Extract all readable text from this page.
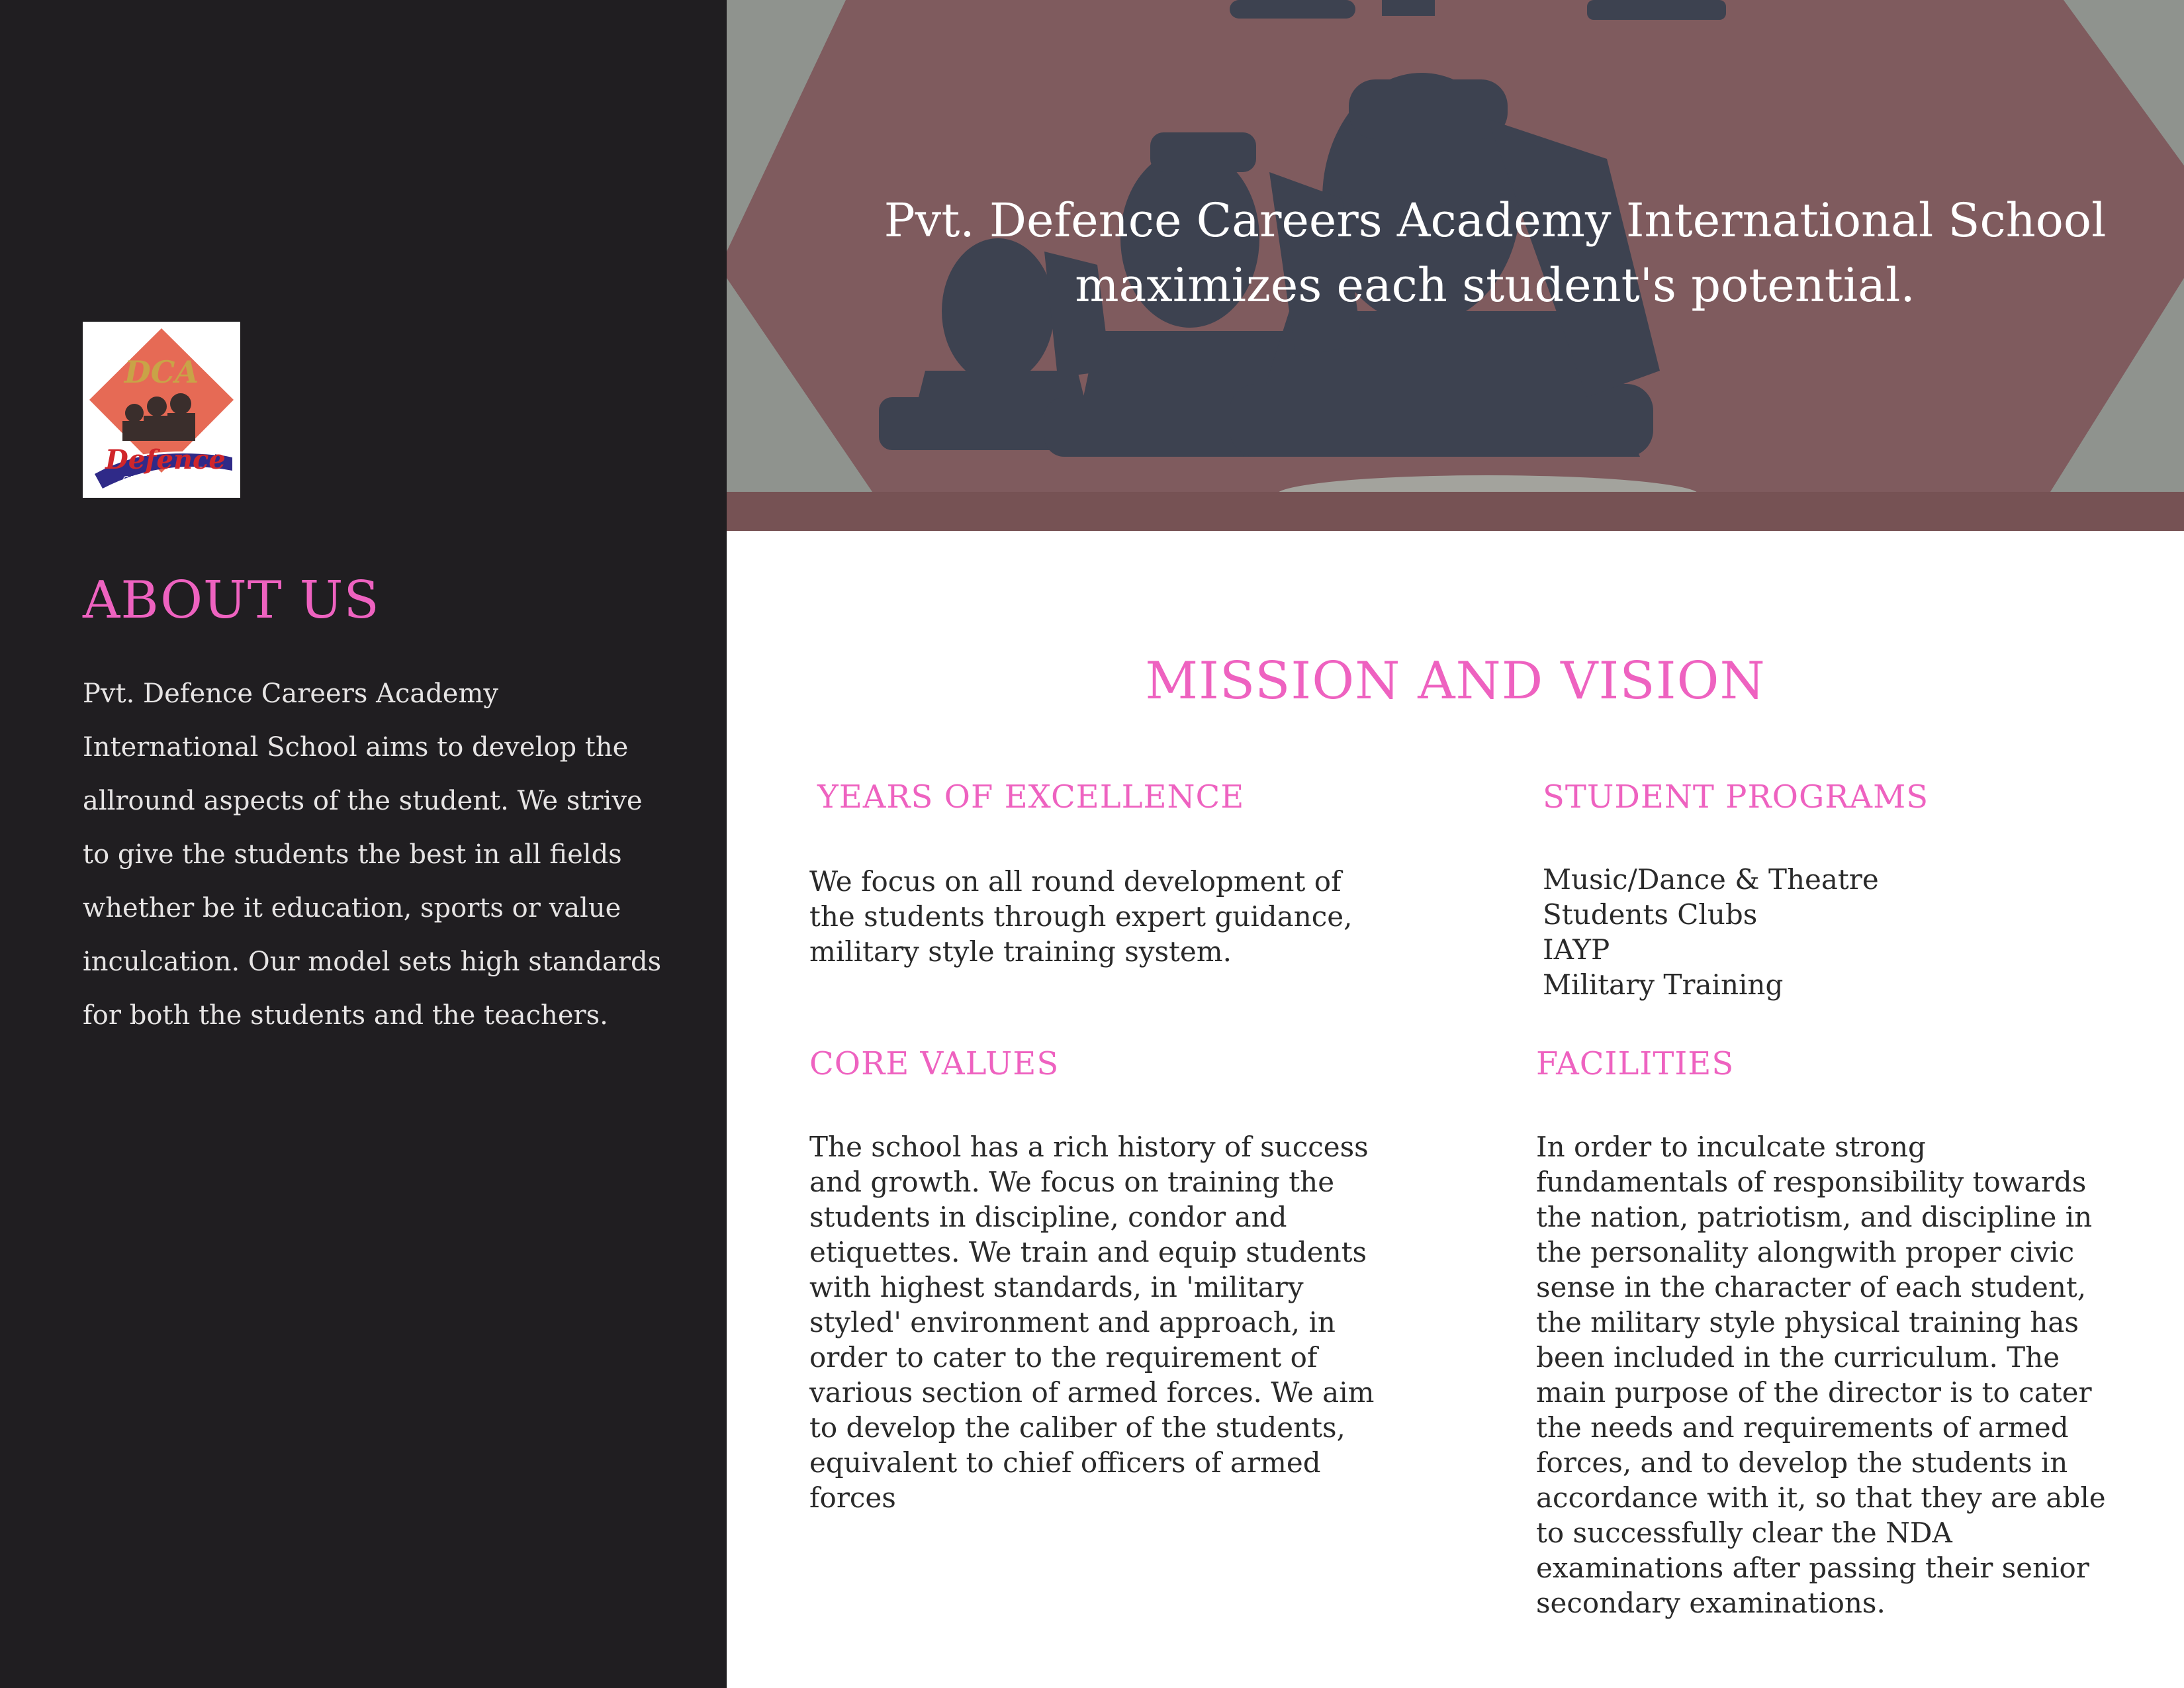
DCA
Defence
CAREERS ACADEMY
ABOUT US

Pvt. Defence Careers Academy International School aims to develop the allround aspects of the student. We strive to give the students the best in all fields whether be it education, sports or value inculcation. Our model sets high standards for both the students and the teachers.

Pvt. Defence Careers Academy International School
maximizes each student's potential.
MISSION AND VISION
YEARS OF EXCELLENCE

We focus on all round development of the students through expert guidance, military style training system.

STUDENT PROGRAMS
Music/Dance & Theatre
Students Clubs
IAYP
Military Training
CORE VALUES

The school has a rich history of success and growth. We focus on training the students in discipline, condor and etiquettes. We train and equip students with highest standards, in 'military styled' environment and approach, in order to cater to the requirement of various section of armed forces. We aim to develop the caliber of the students, equivalent to chief officers of armed forces

FACILITIES

In order to inculcate strong fundamentals of responsibility towards the nation, patriotism, and discipline in the personality alongwith proper civic sense in the character of each student, the military style physical training has been included in the curriculum. The main purpose of the director is to cater the needs and requirements of armed forces, and to develop the students in accordance with it, so that they are able to successfully clear the NDA examinations after passing their senior secondary examinations.
